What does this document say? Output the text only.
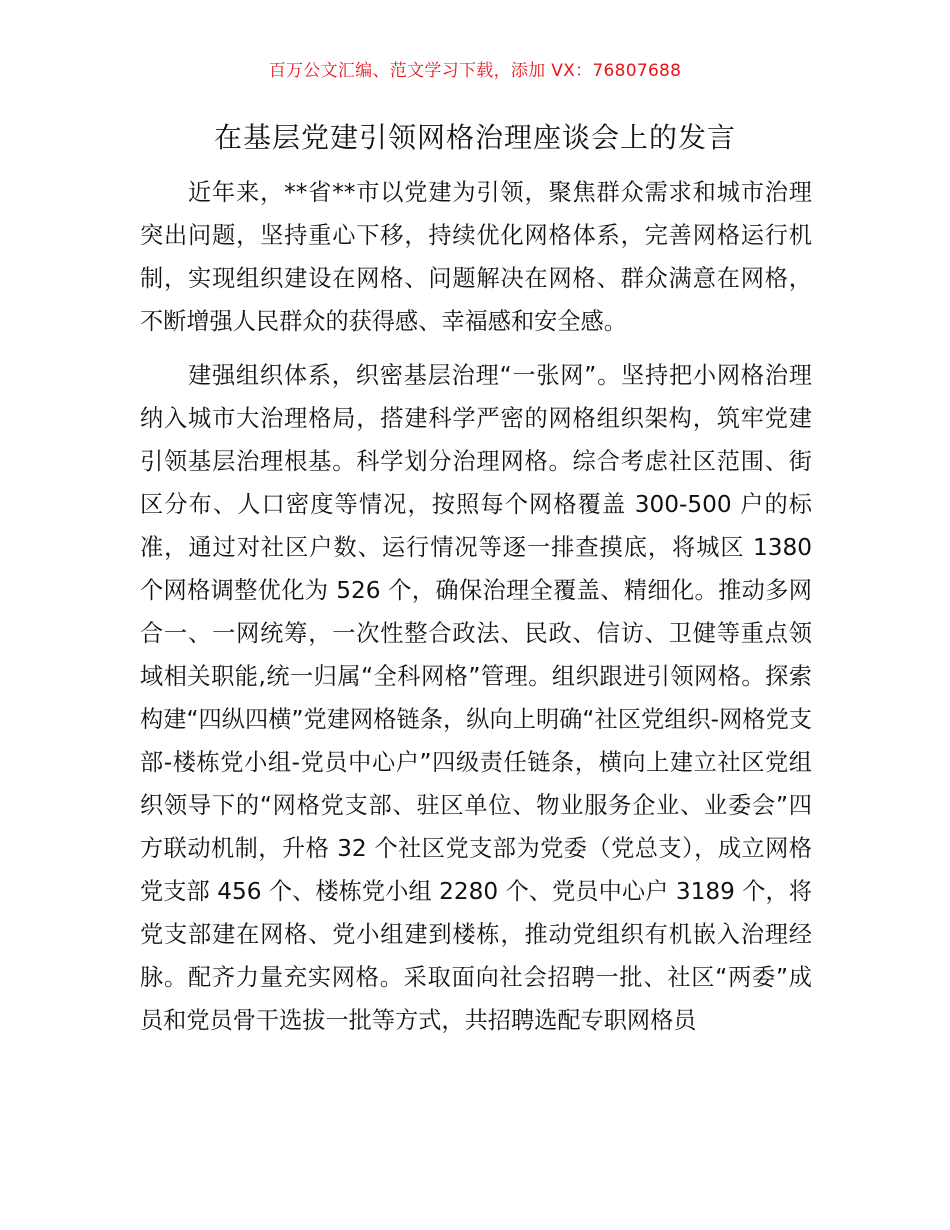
百万公文汇编、范文学习下载，添加 VX：76807688
在基层党建引领网格治理座谈会上的发言

近年来，**省**市以党建为引领，聚焦群众需求和城市治理突出问题，坚持重心下移，持续优化网格体系，完善网格运行机制，实现组织建设在网格、问题解决在网格、群众满意在网格，不断增强人民群众的获得感、幸福感和安全感。

建强组织体系，织密基层治理“一张网”。坚持把小网格治理纳入城市大治理格局，搭建科学严密的网格组织架构，筑牢党建引领基层治理根基。科学划分治理网格。综合考虑社区范围、街区分布、人口密度等情况，按照每个网格覆盖 300-500 户的标准，通过对社区户数、运行情况等逐一排查摸底，将城区 1380 个网格调整优化为 526 个，确保治理全覆盖、精细化。推动多网合一、一网统筹，一次性整合政法、民政、信访、卫健等重点领域相关职能,统一归属“全科网格”管理。组织跟进引领网格。探索构建“四纵四横”党建网格链条，纵向上明确“社区党组织-网格党支部-楼栋党小组-党员中心户”四级责任链条，横向上建立社区党组织领导下的“网格党支部、驻区单位、物业服务企业、业委会”四方联动机制，升格 32 个社区党支部为党委（党总支），成立网格党支部 456 个、楼栋党小组 2280 个、党员中心户 3189 个，将党支部建在网格、党小组建到楼栋，推动党组织有机嵌入治理经脉。配齐力量充实网格。采取面向社会招聘一批、社区“两委”成员和党员骨干选拔一批等方式，共招聘选配专职网格员
